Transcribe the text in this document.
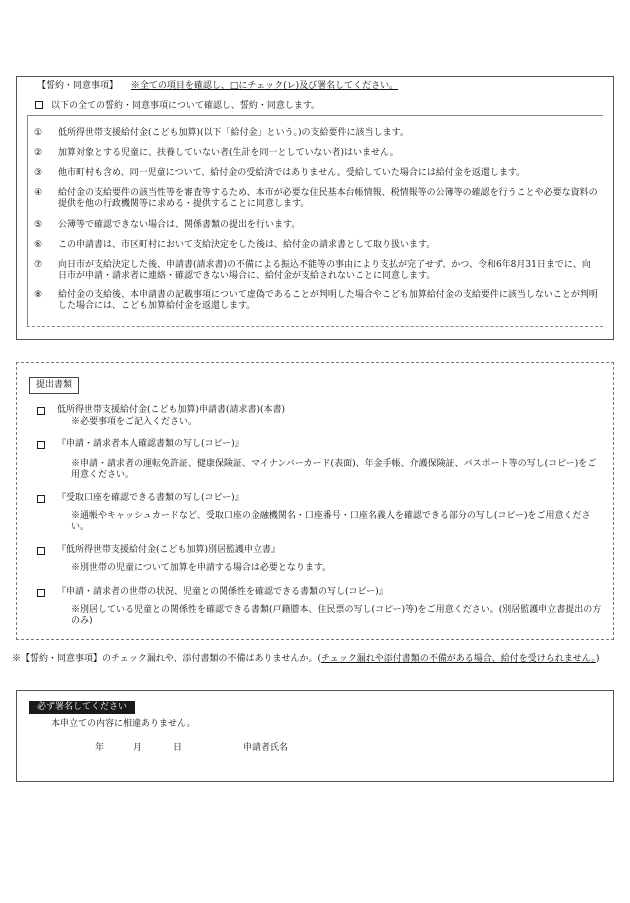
【誓約・同意事項】 ※全ての項目を確認し、□にチェック(レ)及び署名してください。
以下の全ての誓約・同意事項について確認し、誓約・同意します。
①	低所得世帯支援給付金(こども加算)(以下「給付金」という。)の支給要件に該当します。
②	加算対象とする児童に、扶養していない者(生計を同一としていない者)はいません。
③	他市町村も含め、同一児童について、給付金の受給済ではありません。受給していた場合には給付金を返還します。
④	給付金の支給要件の該当性等を審査等するため、本市が必要な住民基本台帳情報、税情報等の公簿等の確認を行うことや必要な資料の提供を他の行政機関等に求める・提供することに同意します。
⑤	公簿等で確認できない場合は、関係書類の提出を行います。
⑥	この申請書は、市区町村において支給決定をした後は、給付金の請求書として取り扱います。
⑦	向日市が支給決定した後、申請書(請求書)の不備による振込不能等の事由により支払が完了せず、かつ、令和6年8月31日までに、向日市が申請・請求者に連絡・確認できない場合に、給付金が支給されないことに同意します。
⑧	給付金の支給後、本申請書の記載事項について虚偽であることが判明した場合やこども加算給付金の支給要件に該当しないことが判明した場合には、こども加算給付金を返還します。
提出書類
低所得世帯支援給付金(こども加算)申請書(請求書)(本書)
※必要事項をご記入ください。
『申請・請求者本人確認書類の写し(コピー)』
※申請・請求者の運転免許証、健康保険証、マイナンバーカード(表面)、年金手帳、介護保険証、パスポート等の写し(コピー)をご用意ください。
『受取口座を確認できる書類の写し(コピー)』
※通帳やキャッシュカードなど、受取口座の金融機関名・口座番号・口座名義人を確認できる部分の写し(コピー)をご用意ください。
『低所得世帯支援給付金(こども加算)別居監護申立書』
※別世帯の児童について加算を申請する場合は必要となります。
『申請・請求者の世帯の状況、児童との関係性を確認できる書類の写し(コピー)』
※別居している児童との関係性を確認できる書類(戸籍謄本、住民票の写し(コピー)等)をご用意ください。(別居監護申立書提出の方のみ)
※【誓約・同意事項】のチェック漏れや、添付書類の不備はありませんか。(チェック漏れや添付書類の不備がある場合、給付を受けられません。)
必ず署名してください
本申立ての内容に相違ありません。
年	月	日	申請者氏名
